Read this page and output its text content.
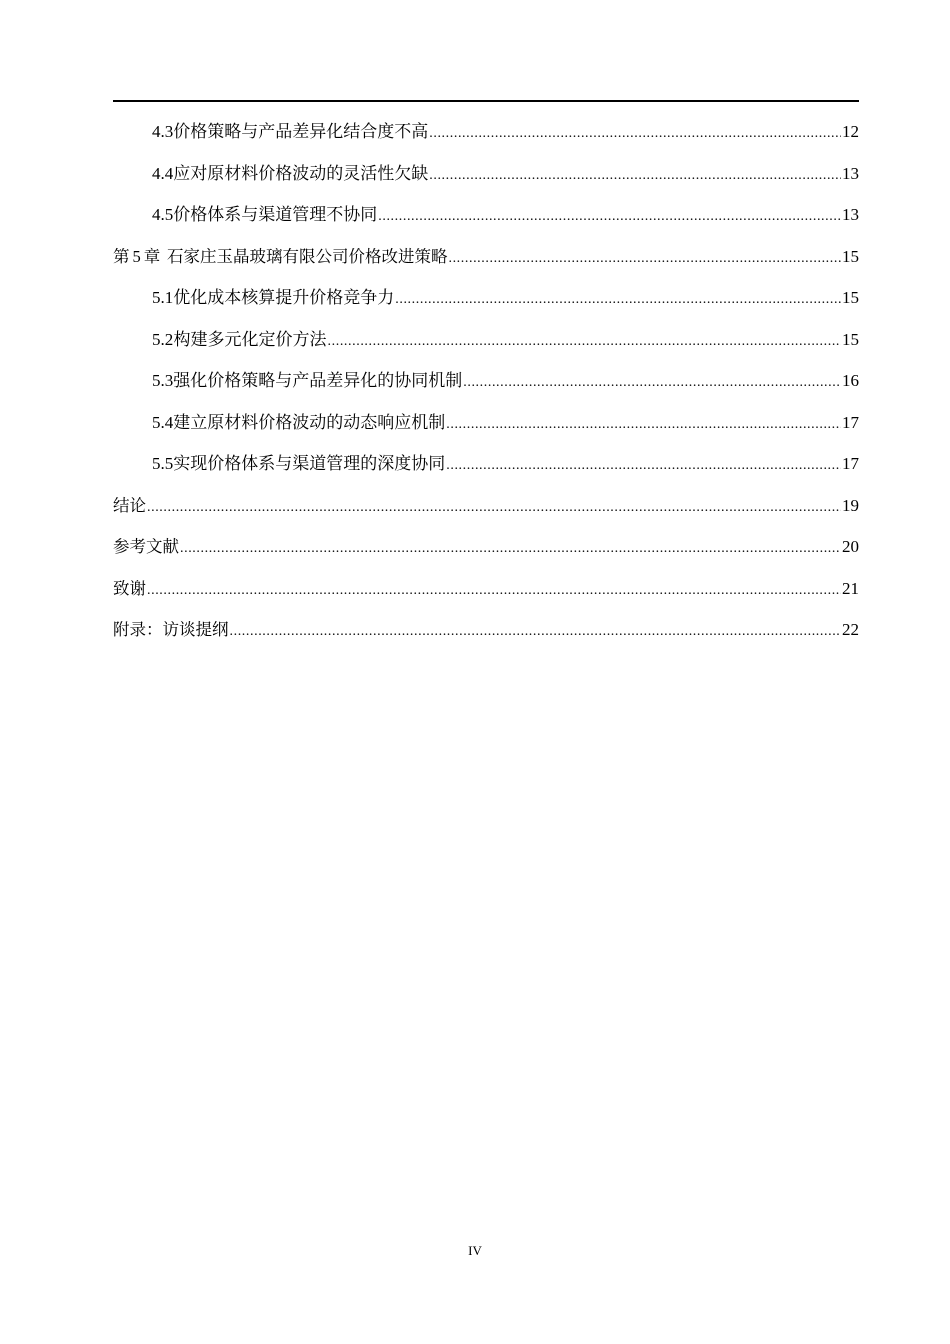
4.3 价格策略与产品差异化结合度不高 .....	12
4.4 应对原材料价格波动的灵活性欠缺 .....	13
4.5 价格体系与渠道管理不协同 .....	13
第 5 章 石家庄玉晶玻璃有限公司价格改进策略 .....	15
5.1 优化成本核算提升价格竞争力 .....	15
5.2 构建多元化定价方法 .....	15
5.3 强化价格策略与产品差异化的协同机制 .....	16
5.4 建立原材料价格波动的动态响应机制 .....	17
5.5 实现价格体系与渠道管理的深度协同 .....	17
结论 .....	19
参考文献 .....	20
致谢 .....	21
附录：访谈提纲 .....	22
IV
